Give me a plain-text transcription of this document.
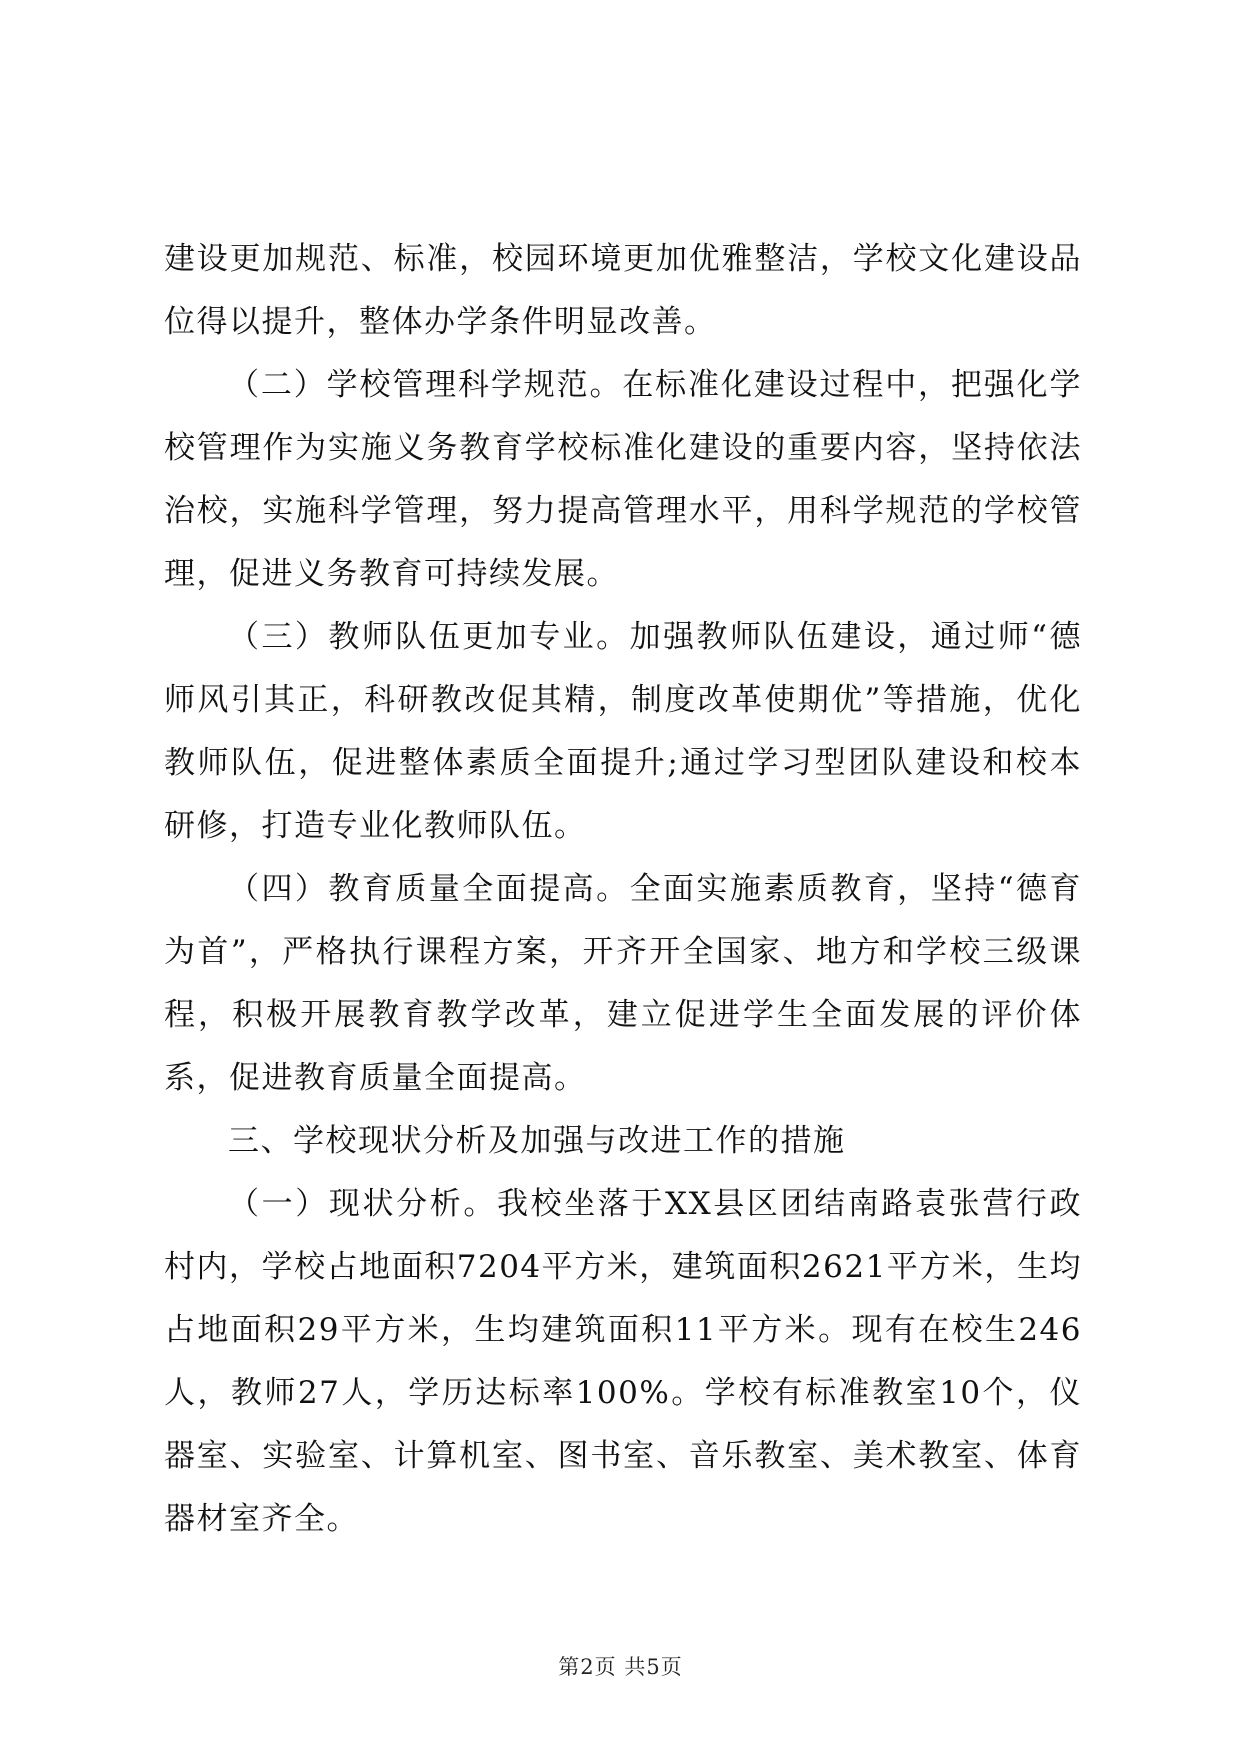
建设更加规范、标准，校园环境更加优雅整洁，学校文化建设品位得以提升，整体办学条件明显改善。

（二）学校管理科学规范。在标准化建设过程中，把强化学校管理作为实施义务教育学校标准化建设的重要内容，坚持依法治校，实施科学管理，努力提高管理水平，用科学规范的学校管理，促进义务教育可持续发展。

（三）教师队伍更加专业。加强教师队伍建设，通过师“德师风引其正，科研教改促其精，制度改革使期优”等措施，优化教师队伍，促进整体素质全面提升;通过学习型团队建设和校本研修，打造专业化教师队伍。

（四）教育质量全面提高。全面实施素质教育，坚持“德育为首”，严格执行课程方案，开齐开全国家、地方和学校三级课程，积极开展教育教学改革，建立促进学生全面发展的评价体系，促进教育质量全面提高。

三、学校现状分析及加强与改进工作的措施

（一）现状分析。我校坐落于XX县区团结南路袁张营行政村内，学校占地面积7204平方米，建筑面积2621平方米，生均占地面积29平方米，生均建筑面积11平方米。现有在校生246人，教师27人，学历达标率100%。学校有标准教室10个，仪器室、实验室、计算机室、图书室、音乐教室、美术教室、体育器材室齐全。

第2页 共5页
